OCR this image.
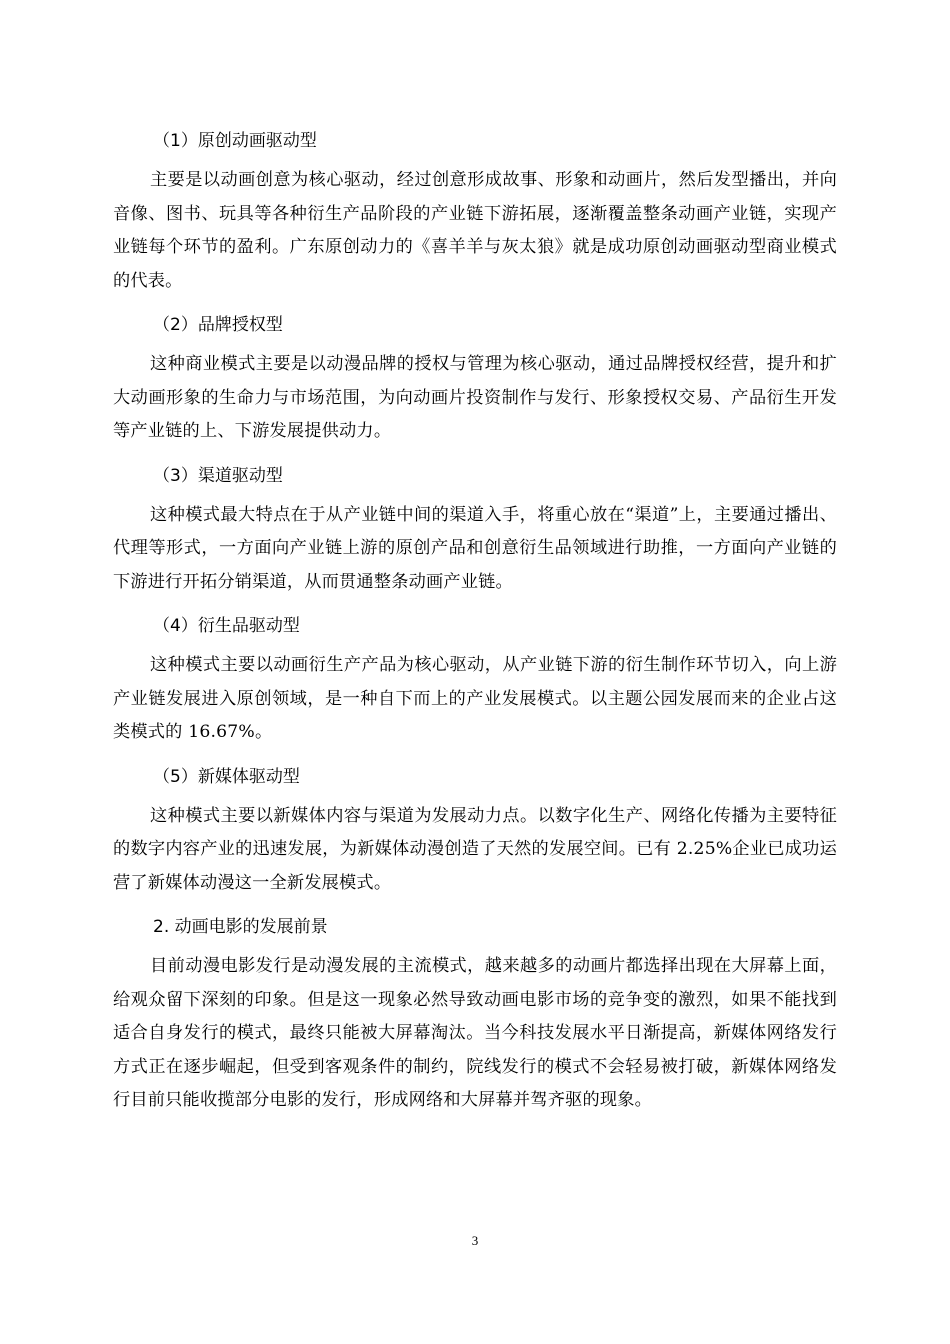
（1）原创动画驱动型

主要是以动画创意为核心驱动，经过创意形成故事、形象和动画片，然后发型播出，并向音像、图书、玩具等各种衍生产品阶段的产业链下游拓展，逐渐覆盖整条动画产业链，实现产业链每个环节的盈利。广东原创动力的《喜羊羊与灰太狼》就是成功原创动画驱动型商业模式的代表。

（2）品牌授权型

这种商业模式主要是以动漫品牌的授权与管理为核心驱动，通过品牌授权经营，提升和扩大动画形象的生命力与市场范围，为向动画片投资制作与发行、形象授权交易、产品衍生开发等产业链的上、下游发展提供动力。

（3）渠道驱动型

这种模式最大特点在于从产业链中间的渠道入手，将重心放在“渠道”上，主要通过播出、代理等形式，一方面向产业链上游的原创产品和创意衍生品领域进行助推，一方面向产业链的下游进行开拓分销渠道，从而贯通整条动画产业链。

（4）衍生品驱动型

这种模式主要以动画衍生产产品为核心驱动，从产业链下游的衍生制作环节切入，向上游产业链发展进入原创领域，是一种自下而上的产业发展模式。以主题公园发展而来的企业占这类模式的 16.67%。

（5）新媒体驱动型

这种模式主要以新媒体内容与渠道为发展动力点。以数字化生产、网络化传播为主要特征的数字内容产业的迅速发展，为新媒体动漫创造了天然的发展空间。已有 2.25%企业已成功运营了新媒体动漫这一全新发展模式。

2. 动画电影的发展前景

目前动漫电影发行是动漫发展的主流模式，越来越多的动画片都选择出现在大屏幕上面，给观众留下深刻的印象。但是这一现象必然导致动画电影市场的竞争变的激烈，如果不能找到适合自身发行的模式，最终只能被大屏幕淘汰。当今科技发展水平日渐提高，新媒体网络发行方式正在逐步崛起，但受到客观条件的制约，院线发行的模式不会轻易被打破，新媒体网络发行目前只能收揽部分电影的发行，形成网络和大屏幕并驾齐驱的现象。

3
